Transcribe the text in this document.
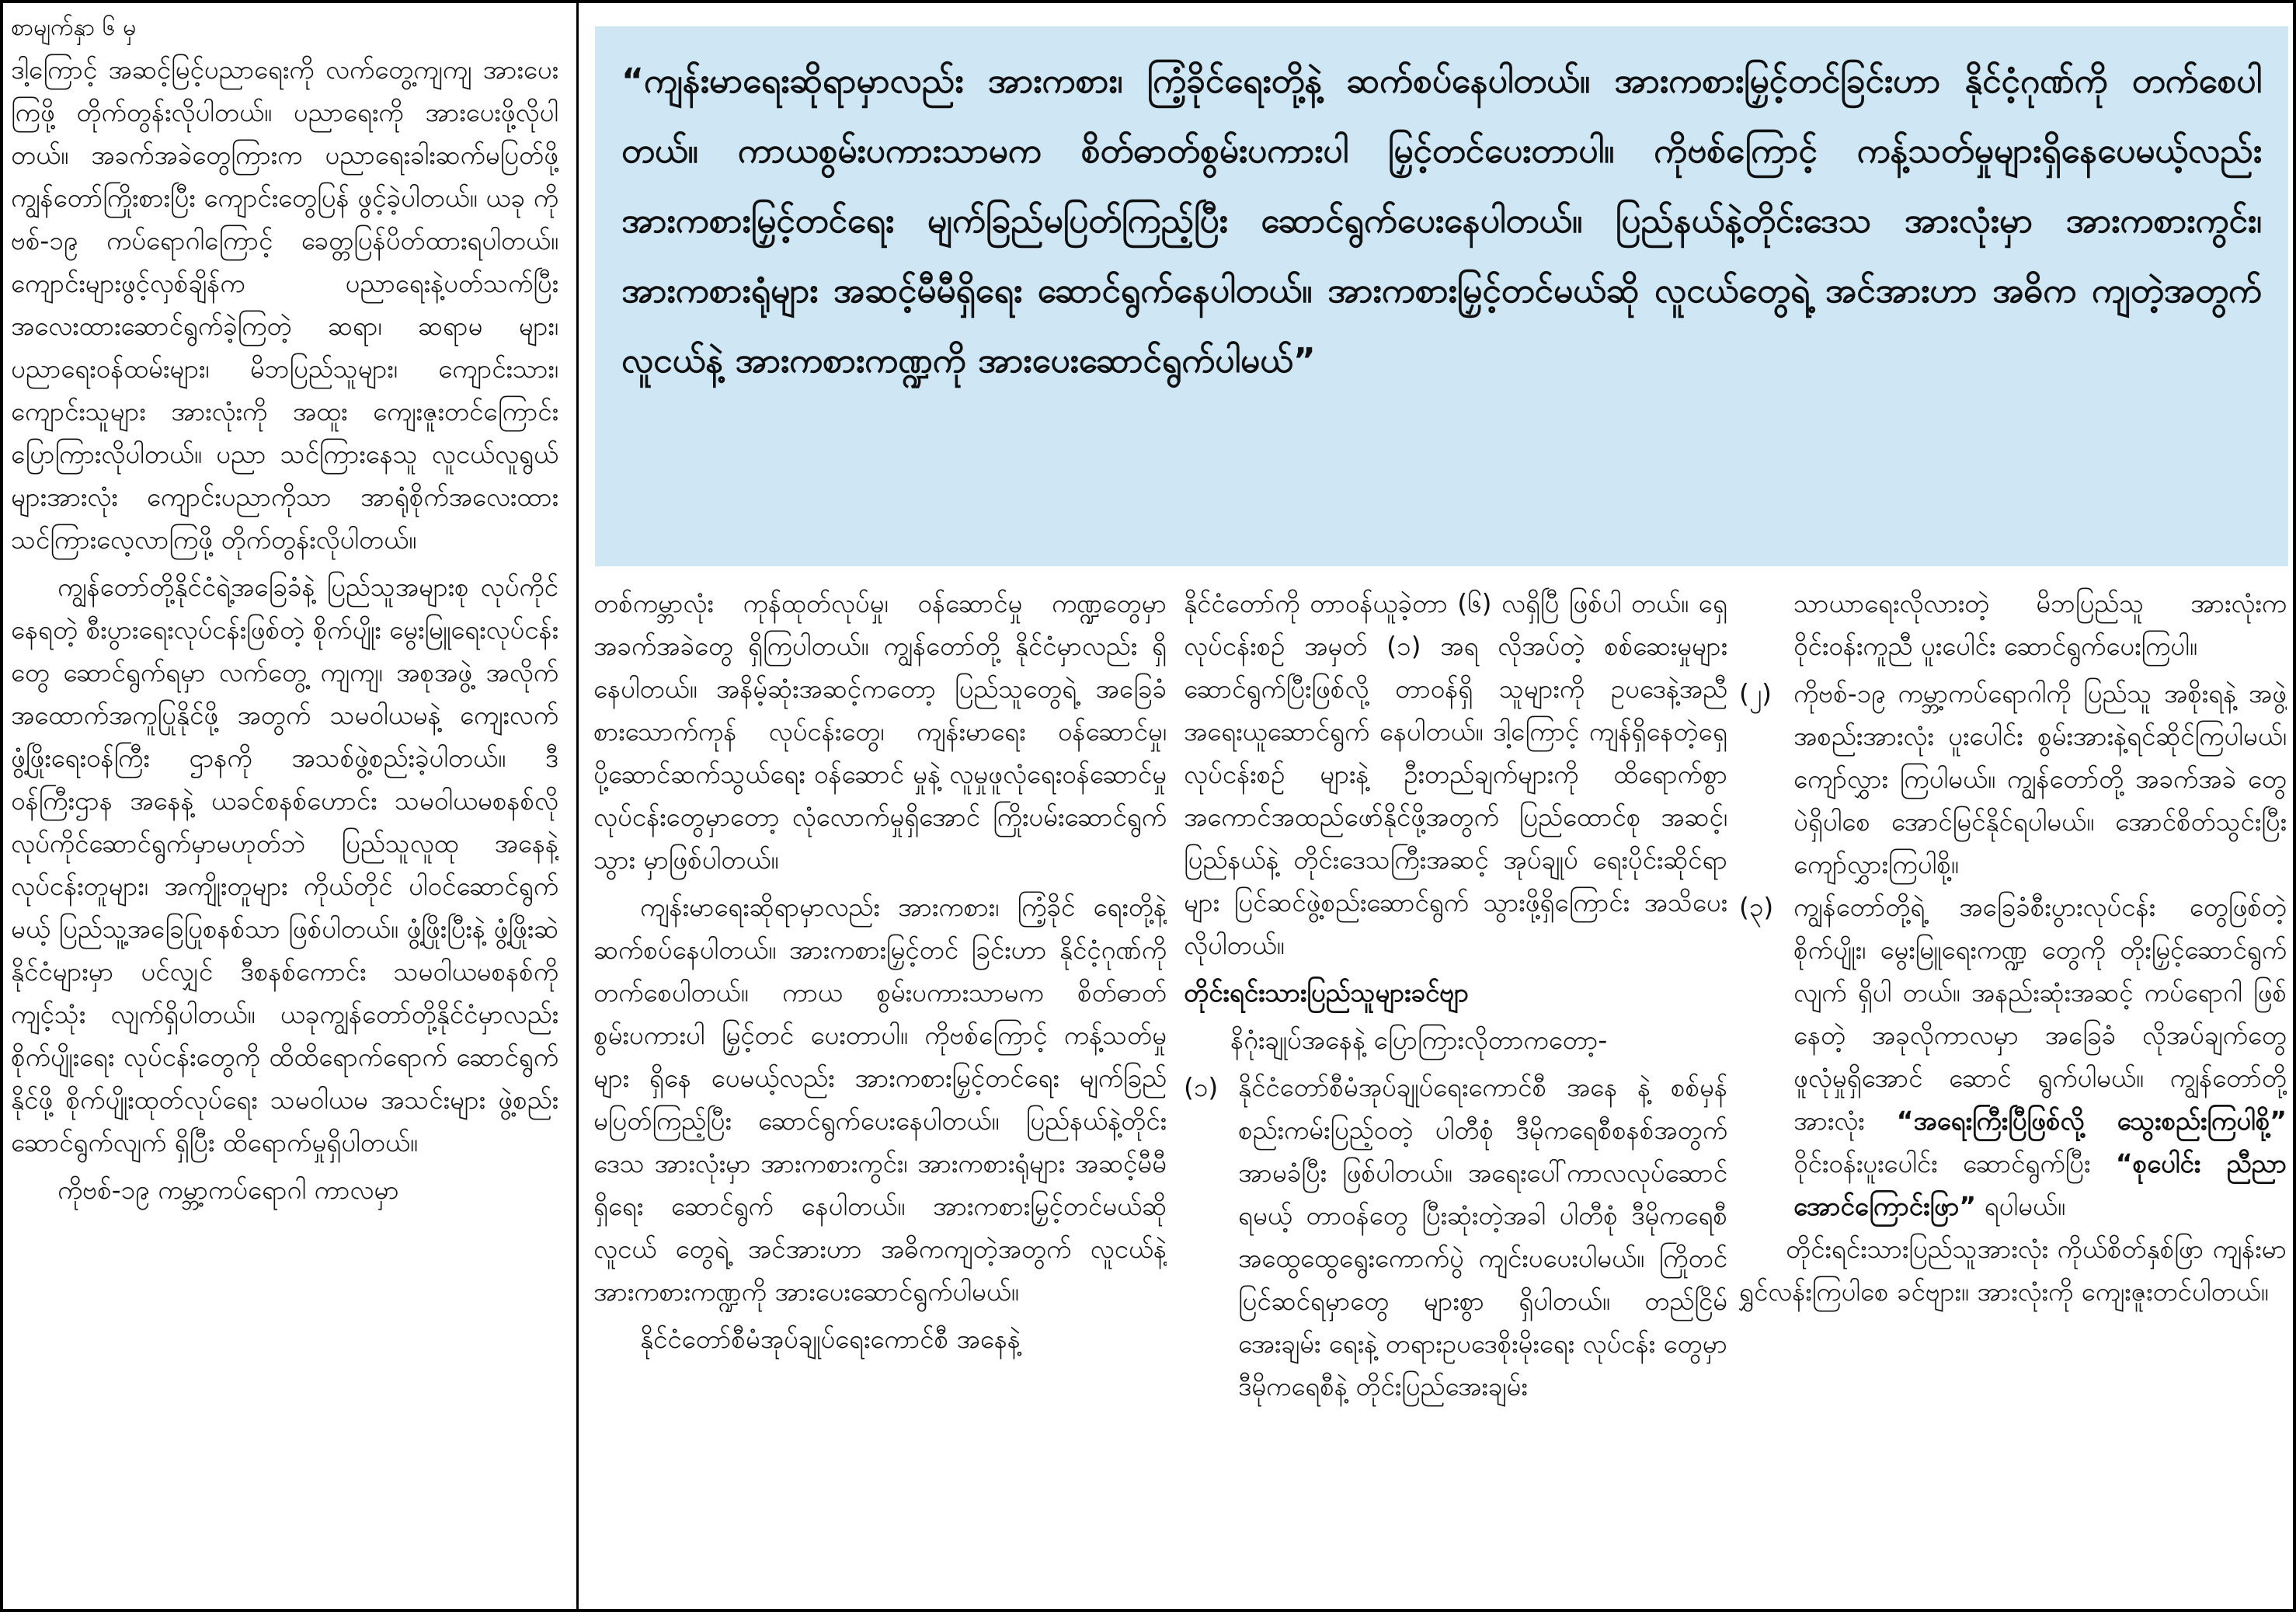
စာမျက်နှာ ၆ မှ

ဒါ့ကြောင့် အဆင့်မြင့်ပညာရေးကို လက်တွေ့ကျကျ အားပေးကြဖို့ တိုက်တွန်းလိုပါတယ်။ ပညာရေးကို အားပေးဖို့လိုပါတယ်။ အခက်အခဲတွေကြားက ပညာရေးခါးဆက်မပြတ်ဖို့ ကျွန်တော်ကြိုးစားပြီး ကျောင်းတွေပြန် ဖွင့်ခဲ့ပါတယ်။ ယခု ကိုဗစ်-၁၉ ကပ်ရောဂါကြောင့် ခေတ္တပြန်ပိတ်ထားရပါတယ်။ ကျောင်းများဖွင့်လှစ်ချိန်က ပညာရေးနဲ့ပတ်သက်ပြီး အလေးထားဆောင်ရွက်ခဲ့ကြတဲ့ ဆရာ၊ ဆရာမ များ၊ ပညာရေးဝန်ထမ်းများ၊ မိဘပြည်သူများ၊ ကျောင်းသား၊ ကျောင်းသူများ အားလုံးကို အထူး ကျေးဇူးတင်ကြောင်း ပြောကြားလိုပါတယ်။ ပညာ သင်ကြားနေသူ လူငယ်လူရွယ်များအားလုံး ကျောင်းပညာကိုသာ အာရုံစိုက်အလေးထား သင်ကြားလေ့လာကြဖို့ တိုက်တွန်းလိုပါတယ်။

ကျွန်တော်တို့နိုင်ငံရဲ့အခြေခံနဲ့ ပြည်သူအများစု လုပ်ကိုင်နေရတဲ့ စီးပွားရေးလုပ်ငန်းဖြစ်တဲ့ စိုက်ပျိုး မွေးမြူရေးလုပ်ငန်းတွေ ဆောင်ရွက်ရမှာ လက်တွေ့ ကျကျ၊ အစုအဖွဲ့ အလိုက် အထောက်အကူပြုနိုင်ဖို့ အတွက် သမဝါယမနဲ့ ကျေးလက်ဖွံ့ဖြိုးရေးဝန်ကြီး ဌာနကို အသစ်ဖွဲ့စည်းခဲ့ပါတယ်။ ဒီဝန်ကြီးဌာန အနေနဲ့ ယခင်စနစ်ဟောင်း သမဝါယမစနစ်လို လုပ်ကိုင်ဆောင်ရွက်မှာမဟုတ်ဘဲ ပြည်သူလူထု အနေနဲ့ လုပ်ငန်းတူများ၊ အကျိုးတူများ ကိုယ်တိုင် ပါဝင်ဆောင်ရွက်မယ့် ပြည်သူ့အခြေပြုစနစ်သာ ဖြစ်ပါတယ်။ ဖွံ့ဖြိုးပြီးနဲ့ ဖွံ့ဖြိုးဆဲနိုင်ငံများမှာ ပင်လျှင် ဒီစနစ်ကောင်း သမဝါယမစနစ်ကို ကျင့်သုံး လျက်ရှိပါတယ်။ ယခုကျွန်တော်တို့နိုင်ငံမှာလည်း စိုက်ပျိုးရေး လုပ်ငန်းတွေကို ထိထိရောက်ရောက် ဆောင်ရွက်နိုင်ဖို့ စိုက်ပျိုးထုတ်လုပ်ရေး သမဝါယမ အသင်းများ ဖွဲ့စည်းဆောင်ရွက်လျက် ရှိပြီး ထိရောက်မှုရှိပါတယ်။

ကိုဗစ်-၁၉ ကမ္ဘာ့ကပ်ရောဂါ ကာလမှာ

“ကျန်းမာရေးဆိုရာမှာလည်း အားကစား၊ ကြံ့ခိုင်ရေးတို့နဲ့ ဆက်စပ်နေပါတယ်။ အားကစားမြှင့်တင်ခြင်းဟာ နိုင်ငံ့ဂုဏ်ကို တက်စေပါတယ်။ ကာယစွမ်းပကားသာမက စိတ်ဓာတ်စွမ်းပကားပါ မြှင့်တင်ပေးတာပါ။ ကိုဗစ်ကြောင့် ကန့်သတ်မှုများရှိနေပေမယ့်လည်း အားကစားမြှင့်တင်ရေး မျက်ခြည်မပြတ်ကြည့်ပြီး ဆောင်ရွက်ပေးနေပါတယ်။ ပြည်နယ်နဲ့တိုင်းဒေသ အားလုံးမှာ အားကစားကွင်း၊ အားကစားရုံများ အဆင့်မီမီရှိရေး ဆောင်ရွက်နေပါတယ်။ အားကစားမြှင့်တင်မယ်ဆို လူငယ်တွေရဲ့ အင်အားဟာ အဓိက ကျတဲ့အတွက် လူငယ်နဲ့ အားကစားကဏ္ဍကို အားပေးဆောင်ရွက်ပါမယ်”

တစ်ကမ္ဘာလုံး ကုန်ထုတ်လုပ်မှု၊ ဝန်ဆောင်မှု ကဏ္ဍတွေမှာ အခက်အခဲတွေ ရှိကြပါတယ်။ ကျွန်တော်တို့ နိုင်ငံမှာလည်း ရှိနေပါတယ်။ အနိမ့်ဆုံးအဆင့်ကတော့ ပြည်သူတွေရဲ့ အခြေခံ စားသောက်ကုန် လုပ်ငန်းတွေ၊ ကျန်းမာရေး ဝန်ဆောင်မှု၊ ပို့ဆောင်ဆက်သွယ်ရေး ဝန်ဆောင် မှုနဲ့ လူမှုဖူလုံရေးဝန်ဆောင်မှုလုပ်ငန်းတွေမှာတော့ လုံလောက်မှုရှိအောင် ကြိုးပမ်းဆောင်ရွက်သွား မှာဖြစ်ပါတယ်။

ကျန်းမာရေးဆိုရာမှာလည်း အားကစား၊ ကြံ့ခိုင် ရေးတို့နဲ့ ဆက်စပ်နေပါတယ်။ အားကစားမြှင့်တင် ခြင်းဟာ နိုင်ငံ့ဂုဏ်ကို တက်စေပါတယ်။ ကာယ စွမ်းပကားသာမက စိတ်ဓာတ်စွမ်းပကားပါ မြှင့်တင် ပေးတာပါ။ ကိုဗစ်ကြောင့် ကန့်သတ်မှုများ ရှိနေ ပေမယ့်လည်း အားကစားမြှင့်တင်ရေး မျက်ခြည် မပြတ်ကြည့်ပြီး ဆောင်ရွက်ပေးနေပါတယ်။ ပြည်နယ်နဲ့တိုင်းဒေသ အားလုံးမှာ အားကစားကွင်း၊ အားကစားရုံများ အဆင့်မီမီရှိရေး ဆောင်ရွက် နေပါတယ်။ အားကစားမြှင့်တင်မယ်ဆို လူငယ် တွေရဲ့ အင်အားဟာ အဓိကကျတဲ့အတွက် လူငယ်နဲ့ အားကစားကဏ္ဍကို အားပေးဆောင်ရွက်ပါမယ်။

နိုင်ငံတော်စီမံအုပ်ချုပ်ရေးကောင်စီ အနေနဲ့

နိုင်ငံတော်ကို တာဝန်ယူခဲ့တာ (၆) လရှိပြီ ဖြစ်ပါ တယ်။ ရှေ့လုပ်ငန်းစဉ် အမှတ် (၁) အရ လိုအပ်တဲ့ စစ်ဆေးမှုများ ဆောင်ရွက်ပြီးဖြစ်လို့ တာဝန်ရှိ သူများကို ဥပဒေနဲ့အညီ အရေးယူဆောင်ရွက် နေပါတယ်။ ဒါ့ကြောင့် ကျန်ရှိနေတဲ့ရှေ့လုပ်ငန်းစဉ် များနဲ့ ဦးတည်ချက်များကို ထိရောက်စွာ အကောင်အထည်ဖော်နိုင်ဖို့အတွက် ပြည်ထောင်စု အဆင့်၊ ပြည်နယ်နဲ့ တိုင်းဒေသကြီးအဆင့် အုပ်ချုပ် ရေးပိုင်းဆိုင်ရာများ ပြင်ဆင်ဖွဲ့စည်းဆောင်ရွက် သွားဖို့ရှိကြောင်း အသိပေးလိုပါတယ်။

တိုင်းရင်းသားပြည်သူများခင်ဗျာ

နိဂုံးချုပ်အနေနဲ့ ပြောကြားလိုတာကတော့-

(၁) နိုင်ငံတော်စီမံအုပ်ချုပ်ရေးကောင်စီ အနေ နဲ့ စစ်မှန်စည်းကမ်းပြည့်ဝတဲ့ ပါတီစုံ ဒီမိုကရေစီစနစ်အတွက် အာမခံပြီး ဖြစ်ပါတယ်။ အရေးပေါ်ကာလလုပ်ဆောင် ရမယ့် တာဝန်တွေ ပြီးဆုံးတဲ့အခါ ပါတီစုံ ဒီမိုကရေစီ အထွေထွေရွေးကောက်ပွဲ ကျင်းပပေးပါမယ်။ ကြိုတင်ပြင်ဆင်ရမှာတွေ များစွာ ရှိပါတယ်။ တည်ငြိမ်အေးချမ်း ရေးနဲ့ တရားဥပဒေစိုးမိုးရေး လုပ်ငန်း တွေမှာ ဒီမိုကရေစီနဲ့ တိုင်းပြည်အေးချမ်း

သာယာရေးလိုလားတဲ့ မိဘပြည်သူ အားလုံးက ဝိုင်းဝန်းကူညီ ပူးပေါင်း ဆောင်ရွက်ပေးကြပါ။

(၂) ကိုဗစ်-၁၉ ကမ္ဘာ့ကပ်ရောဂါကို ပြည်သူ အစိုးရနဲ့ အဖွဲ့အစည်းအားလုံး ပူးပေါင်း စွမ်းအားနဲ့ရင်ဆိုင်ကြပါမယ်၊ ကျော်လွှား ကြပါမယ်။ ကျွန်တော်တို့ အခက်အခဲ တွေပဲရှိပါစေ အောင်မြင်နိုင်ရပါမယ်။ အောင်စိတ်သွင်းပြီး ကျော်လွှားကြပါစို့။
(၃) ကျွန်တော်တို့ရဲ့ အခြေခံစီးပွားလုပ်ငန်း တွေဖြစ်တဲ့ စိုက်ပျိုး၊ မွေးမြူရေးကဏ္ဍ တွေကို တိုးမြှင့်ဆောင်ရွက်လျက် ရှိပါ တယ်။ အနည်းဆုံးအဆင့် ကပ်ရောဂါ ဖြစ်နေတဲ့ အခုလိုကာလမှာ အခြေခံ လိုအပ်ချက်တွေ ဖူလုံမှုရှိအောင် ဆောင် ရွက်ပါမယ်။ ကျွန်တော်တို့အားလုံး “အရေးကြီးပြီဖြစ်လို့ သွေးစည်းကြပါစို့” ဝိုင်းဝန်းပူးပေါင်း ဆောင်ရွက်ပြီး “စုပေါင်း ညီညာအောင်ကြောင်းဖြာ” ရပါမယ်။

တိုင်းရင်းသားပြည်သူအားလုံး ကိုယ်စိတ်နှစ်ဖြာ ကျန်းမာရွှင်လန်းကြပါစေ ခင်ဗျား။ အားလုံးကို ကျေးဇူးတင်ပါတယ်။
